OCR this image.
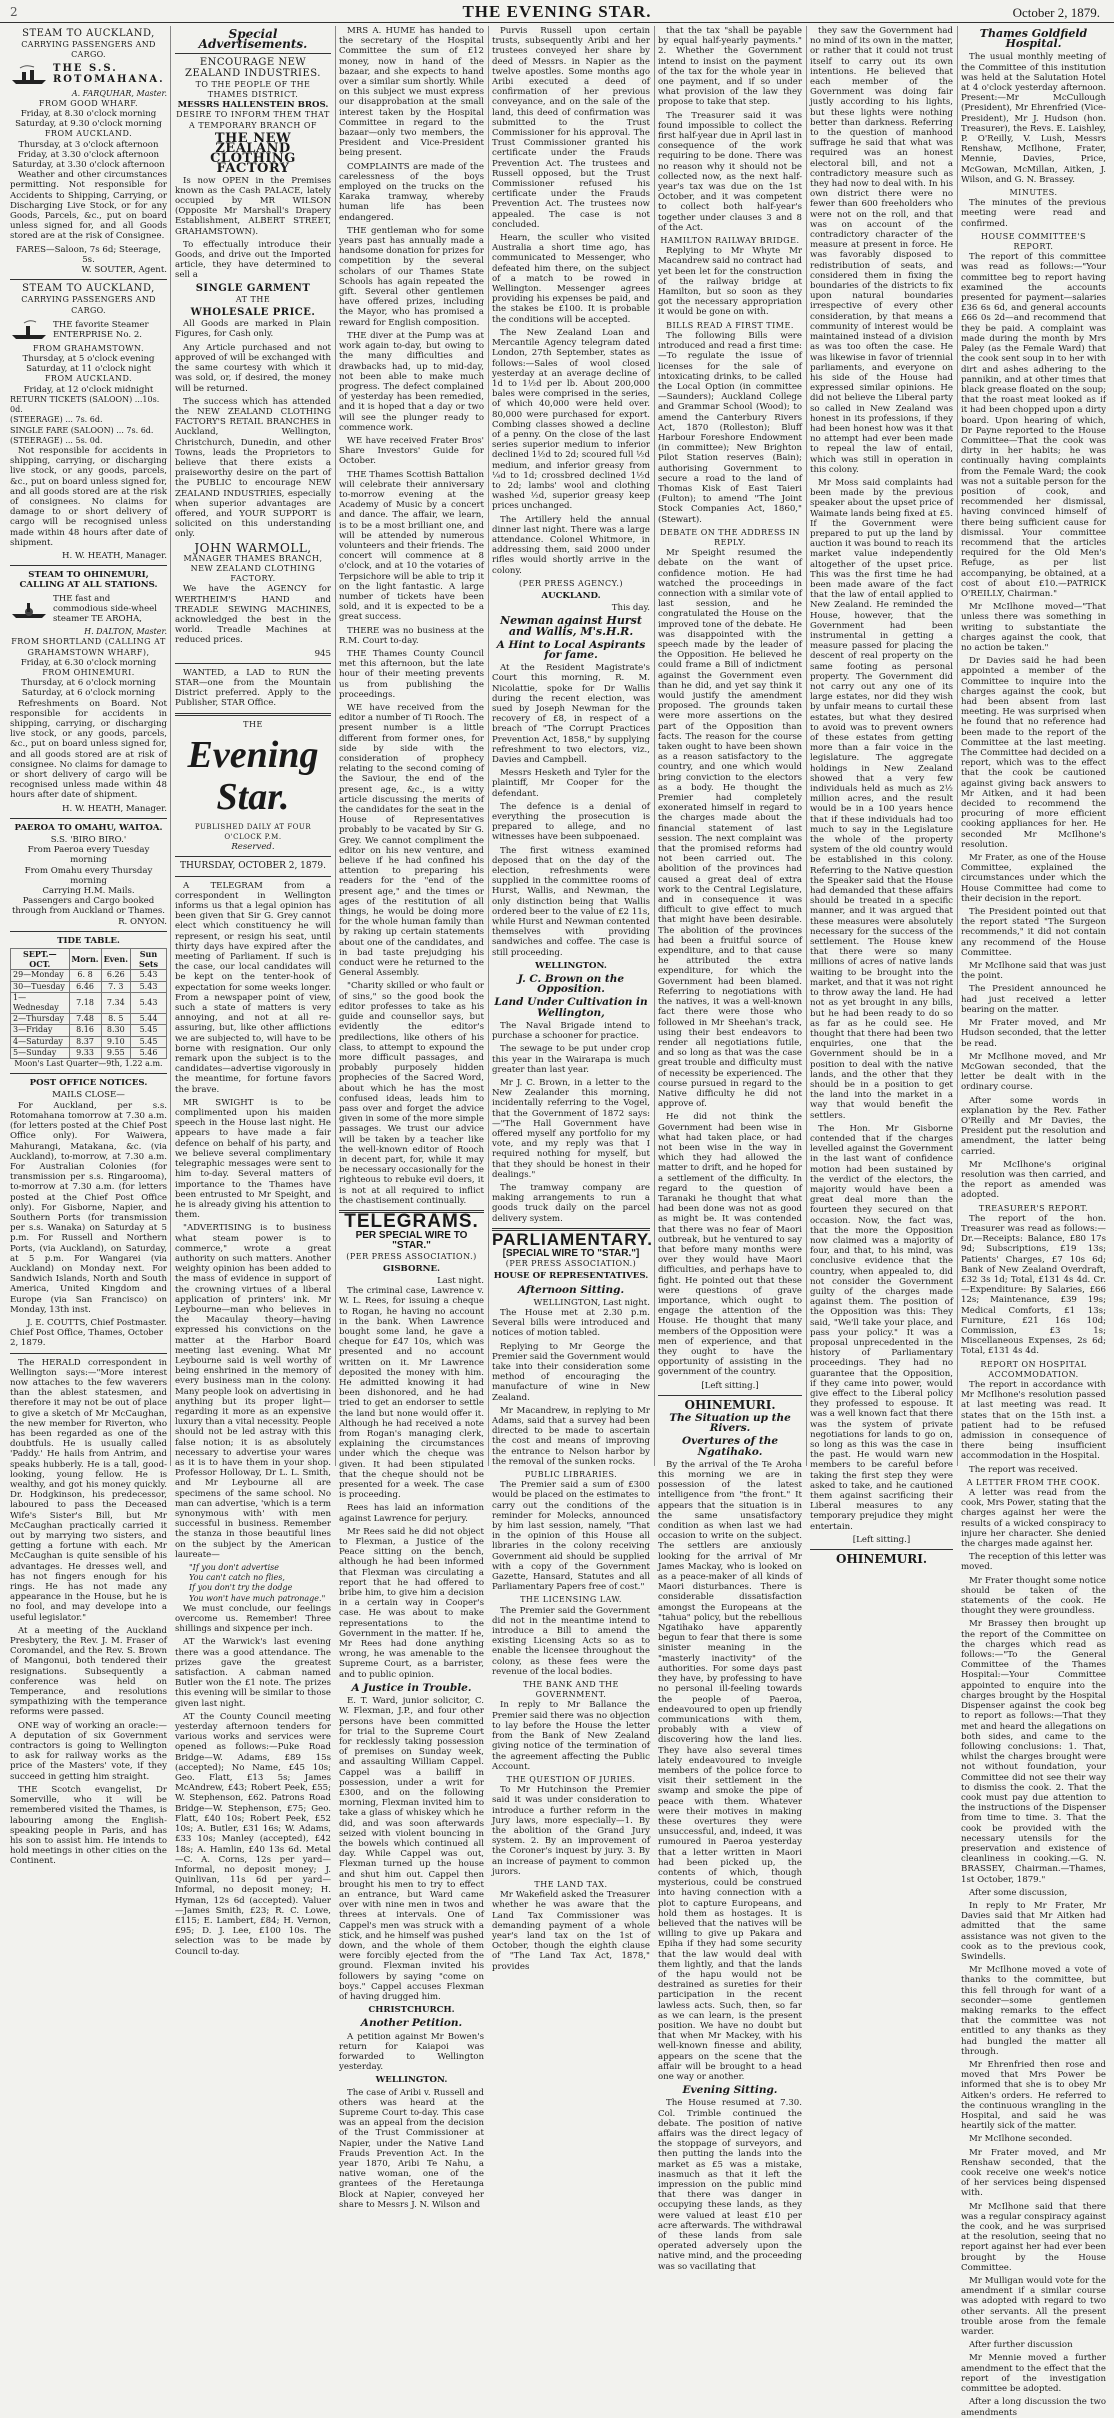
2	THE EVENING STAR.	October 2, 1879.
STEAM TO AUCKLAND,
CARRYING PASSENGERS AND CARGO.
THE S.S. ROTOMAHANA.
A. FARQUHAR, Master.
FROM GOOD WHARF.
Friday, at 8.30 o'clock morning
Saturday, at 9.30 o'clock morning
FROM AUCKLAND.
Thursday, at 3 o'clock afternoon
Friday, at 3.30 o'clock afternoon
Saturday, at 3.30 o'clock afternoon

Weather and other circumstances permitting. Not responsible for Accidents to Shipping, Carrying, or Discharging Live Stock, or for any Goods, Parcels, &c., put on board unless signed for, and all Goods stored are at the risk of Consignee.

FARES—Saloon, 7s 6d; Steerage, 5s.
W. SOUTER, Agent.
STEAM TO AUCKLAND,
CARRYING PASSENGERS AND CARGO.
THE favorite Steamer ENTERPRISE No. 2.
FROM GRAHAMSTOWN.
Thursday, at 5 o'clock evening
Saturday, at 11 o'clock night
FROM AUCKLAND.
Friday, at 12 o'clock midnight
RETURN TICKETS (SALOON) ...10s. 0d.
(STEERAGE) ... 7s. 6d.
SINGLE FARE (SALOON) ... 7s. 6d.
(STEERAGE) ... 5s. 0d.

Not responsible for accidents in shipping, carrying, or discharging live stock, or any goods, parcels, &c., put on board unless signed for, and all goods stored are at the risk of consignees. No claims for damage to or short delivery of cargo will be recognised unless made within 48 hours after date of shipment.

H. W. HEATH, Manager.
STEAM TO OHINEMURI, CALLING AT ALL STATIONS.
THE fast and commodious side-wheel steamer TE AROHA,
H. DALTON, Master.
FROM SHORTLAND (CALLING AT GRAHAMSTOWN WHARF),
Friday, at 6.30 o'clock morning
FROM OHINEMURI.
Thursday, at 6 o'clock morning
Saturday, at 6 o'clock morning

Refreshments on Board. Not responsible for accidents in shipping, carrying, or discharging live stock, or any goods, parcels, &c., put on board unless signed for, and all goods stored are at risk of consignee. No claims for damage to or short delivery of cargo will be recognised unless made within 48 hours after date of shipment.

H. W. HEATH, Manager.
PAEROA TO OMAHU, WAITOA.
S.S. 'BIRO BIRO.'
From Paeroa every Tuesday morning
From Omahu every Thursday morning
Carrying H.M. Mails.
Passengers and Cargo booked through from Auckland or Thames.
R. ONYON.
TIDE TABLE.
SEPT.—OCT.	Morn.	Even.	Sun Sets
29—Monday	6. 8	6.26	5.43
30—Tuesday	6.46	7. 3	5.43
1—Wednesday	7.18	7.34	5.43
2—Thursday	7.48	8. 5	5.44
3—Friday	8.16	8.30	5.45
4—Saturday	8.37	9.10	5.45
5—Sunday	9.33	9.55	5.46
Moon's Last Quarter—9th, 1.22 a.m.
POST OFFICE NOTICES.
MAILS CLOSE—

For Auckland, per s.s. Rotomahana tomorrow at 7.30 a.m. (for letters posted at the Chief Post Office only). For Waiwera, Mahurangi, Matakana, &c. (via Auckland), to-morrow, at 7.30 a.m. For Australian Colonies (for transmission per s.s. Ringarooma), to-morrow at 7.30 a.m. (for letters posted at the Chief Post Office only). For Gisborne, Napier, and Southern Ports (for transmission per s.s. Wanaka) on Saturday at 5 p.m. For Russell and Northern Ports, (via Auckland), on Saturday, at 5 p.m. For Wangarei (via Auckland) on Monday next. For Sandwich Islands, North and South America, United Kingdom and Europe (via San Francisco) on Monday, 13th inst.

J. E. COUTTS, Chief Postmaster.
Chief Post Office, Thames, October 2, 1879.

The HERALD correspondent in Wellington says:—"More interest now attaches to the few waverers than the ablest statesmen, and therefore it may not be out of place to give a sketch of Mr McCaughan, the new member for Riverton, who has been regarded as one of the doubtfuls. He is usually called 'Paddy.' He hails from Antrim, and speaks hubberly. He is a tall, good-looking, young fellow. He is wealthy, and got his money quickly. Dr. Hodgkinson, his predecessor, laboured to pass the Deceased Wife's Sister's Bill, but Mr McCaughan practically carried it out by marrying two sisters, and getting a fortune with each. Mr McCaughan is quite sensible of his advantages. He dresses well, and has not fingers enough for his rings. He has not made any appearance in the House, but he is no fool, and may develope into a useful legislator."

At a meeting of the Auckland Presbytery, the Rev. J. M. Fraser of Coromandel, and the Rev. S. Brown of Mangonui, both tendered their resignations. Subsequently a conference was held on Temperance, and resolutions sympathizing with the temperance reforms were passed.

ONE way of working an oracle:—A deputation of six Government contractors is going to Wellington to ask for railway works as the price of the Masters' vote, if they succeed in getting him straight.

THE Scotch evangelist, Dr Somerville, who it will be remembered visited the Thames, is labouring among the English-speaking people in Paris, and has his son to assist him. He intends to hold meetings in other cities on the Continent.

Special Advertisements.
ENCOURAGE NEW ZEALAND INDUSTRIES.
TO THE PEOPLE OF THE THAMES DISTRICT.
MESSRS HALLENSTEIN BROS.
DESIRE TO INFORM THEM THAT A TEMPORARY BRANCH OF
THE NEW ZEALAND CLOTHING FACTORY

Is now OPEN in the Premises known as the Cash PALACE, lately occupied by MR WILSON (Opposite Mr Marshall's Drapery Establishment, ALBERT STREET, GRAHAMSTOWN).

To effectually introduce their Goods, and drive out the Imported article, they have determined to sell a

SINGLE GARMENT
AT THE
WHOLESALE PRICE.

All Goods are marked in Plain Figures, for Cash only.

Any Article purchased and not approved of will be exchanged with the same courtesy with which it was sold, or, if desired, the money will be returned.

The success which has attended the NEW ZEALAND CLOTHING FACTORY'S RETAIL BRANCHES in Auckland, Wellington, Christchurch, Dunedin, and other Towns, leads the Proprietors to believe that there exists a praiseworthy desire on the part of the PUBLIC to encourage NEW ZEALAND INDUSTRIES, especially when superior advantages are offered, and YOUR SUPPORT is solicited on this understanding only.

JOHN WARMOLL,
MANAGER THAMES BRANCH, NEW ZEALAND CLOTHING FACTORY.

We have the AGENCY for WERTHEIM'S HAND and TREADLE SEWING MACHINES, acknowledged the best in the world. Treadle Machines at reduced prices.

945

WANTED, a LAD to RUN the STAR—one from the Mountain District preferred. Apply to the Publisher, STAR Office.

THE
Evening Star.
PUBLISHED DAILY AT FOUR O'CLOCK P.M.
Reserved.
THURSDAY, OCTOBER 2, 1879.

A TELEGRAM from a correspondent in Wellington informs us that a legal opinion has been given that Sir G. Grey cannot elect which constituency he will represent, or resign his seat, until thirty days have expired after the meeting of Parliament. If such is the case, our local candidates will be kept on the tenter-hook of expectation for some weeks longer. From a newspaper point of view, such a state of matters is very annoying, and not at all re-assuring, but, like other afflictions we are subjected to, will have to be borne with resignation. Our only remark upon the subject is to the candidates—advertise vigorously in the meantime, for fortune favors the brave.

MR SWIGHT is to be complimented upon his maiden speech in the House last night. He appears to have made a fair defence on behalf of his party, and we believe several complimentary telegraphic messages were sent to him to-day. Several matters of importance to the Thames have been entrusted to Mr Speight, and he is already giving his attention to them.

"ADVERTISING is to business what steam power is to commerce," wrote a great authority on such matters. Another weighty opinion has been added to the mass of evidence in support of the crowning virtues of a liberal application of printers' ink. Mr Leybourne—man who believes in the Macaulay theory—having expressed his convictions on the matter at the Harbor Board meeting last evening. What Mr Leybourne said is well worthy of being enshrined in the memory of every business man in the colony. Many people look on advertising in anything but its proper light—regarding it more as an expensive luxury than a vital necessity. People should not be led astray with this false notion; it is as absolutely necessary to advertise your wares as it is to have them in your shop. Professor Holloway, Dr L. L. Smith, and Mr Leybourne all are specimens of the same school. No man can advertise, 'which is a term synonymous with' with men successful in business. Remember the stanza in those beautiful lines on the subject by the American laureate—

"If you don't advertise
You can't catch no flies,
If you don't try the dodge
You won't have much patronage."

We must conclude, our feelings overcome us. Remember! Three shillings and sixpence per inch.

AT the Warwick's last evening there was a good attendance. The prizes gave the greatest satisfaction. A cabman named Butler won the £1 note. The prizes this evening will be similar to those given last night.

AT the County Council meeting yesterday afternoon tenders for various works and services were opened as follows:—Puke Road Bridge—W. Adams, £89 15s (accepted); No Name, £45 10s; Geo. Flatt, £13 5s; James McAndrew, £43; Robert Peek, £55; W. Stephenson, £62. Patrons Road Bridge—W. Stephenson, £75; Geo. Flatt, £40 10s; Robert Peek, £52 10s; A. Butler, £31 16s; W. Adams, £33 10s; Manley (accepted), £42 18s; A. Hamlin, £40 13s 6d. Metal—C. A. Corns, 12s per yard—Informal, no deposit money; J. Quinlivan, 11s 6d per yard—Informal, no deposit money; H. Hyman, 12s 6d (accepted). Valuer—James Smith, £23; R. C. Lowe, £115; E. Lambert, £84; H. Vernon, £95; D. J. Lee, £100 10s. The selection was to be made by Council to-day.

MRS A. HUME has handed to the secretary of the Hospital Committee the sum of £12 money, now in hand of the bazaar, and she expects to hand over a similar sum shortly. While on this subject we must express our disapprobation at the small interest taken by the Hospital Committee in regard to the bazaar—only two members, the President and Vice-President being present.

COMPLAINTS are made of the carelessness of the boys employed on the trucks on the Karaka tramway, whereby human life has been endangered.

THE gentleman who for some years past has annually made a handsome donation for prizes for competition by the several scholars of our Thames State Schools has again repeated the gift. Several other gentlemen have offered prizes, including the Mayor, who has promised a reward for English composition.

THE diver at the Pump was at work again to-day, but owing to the many difficulties and drawbacks had, up to mid-day, not been able to make much progress. The defect complained of yesterday has been remedied, and it is hoped that a day or two will see the plunger ready to commence work.

WE have received Frater Bros' Share Investors' Guide for October.

THE Thames Scottish Battalion will celebrate their anniversary to-morrow evening at the Academy of Music by a concert and dance. The affair, we learn, is to be a most brilliant one, and will be attended by numerous volunteers and their friends. The concert will commence at 8 o'clock, and at 10 the votaries of Terpsichore will be able to trip it on the light fantastic. A large number of tickets have been sold, and it is expected to be a great success.

THERE was no business at the R.M. Court to-day.

THE Thames County Council met this afternoon, but the late hour of their meeting prevents us from publishing the proceedings.

WE have received from the editor a number of Ti Rooch. The present number is a little different from former ones, for side by side with the consideration of prophecy relating to the second coming of the Saviour, the end of the present age, &c., is a witty article discussing the merits of the candidates for the seat in the House of Representatives probably to be vacated by Sir G. Grey. We cannot compliment the editor on his new venture, and believe if he had confined his attention to preparing his readers for the "end of the present age," and the times or ages of the restitution of all things, he would be doing more for the whole human family than by raking up certain statements about one of the candidates, and in bad taste prejudging his conduct were he returned to the General Assembly.

"Charity skilled or who fault or of sins," so the good book the editor professes to take as his guide and counsellor says, but evidently the editor's predilections, like others of his class, to attempt to expound the more difficult passages, and probably purposely hidden prophecies of the Sacred Word, about which he has the most confused ideas, leads him to pass over and forget the advice given in some of the more simple passages. We trust our advice will be taken by a teacher like the well-known editor of Rooch in decent part, for, while it may be necessary occasionally for the righteous to rebuke evil doers, it is not at all required to inflict the chastisement continually.

TELEGRAMS.
PER SPECIAL WIRE TO "STAR."
(PER PRESS ASSOCIATION.)
GISBORNE.
Last night.

The criminal case, Lawrence v. W. L. Rees, for issuing a cheque to Rogan, he having no account in the bank. When Lawrence bought some land, he gave a cheque for £47 10s, which was presented and no account written on it. Mr Lawrence deposited the money with him. He admitted knowing it had been dishonored, and he had tried to get an endorser to settle the land but none would offer it. Although he had received a note from Rogan's managing clerk, explaining the circumstances under which the cheque was given. It had been stipulated that the cheque should not be presented for a week. The case is proceeding.

Rees has laid an information against Lawrence for perjury.

Mr Rees said he did not object to Flexman, a Justice of the Peace sitting on the bench, although he had been informed that Flexman was circulating a report that he had offered to bribe him, to give him a decision in a certain way in Cooper's case. He was about to make representations to the Government in the matter. If he, Mr Rees had done anything wrong, he was amenable to the Supreme Court, as a barrister, and to public opinion.

A Justice in Trouble.

E. T. Ward, junior solicitor, C. W. Flexman, J.P., and four other persons have been committed for trial to the Supreme Court for recklessly taking possession of premises on Sunday week, and assaulting William Cappel. Cappel was a bailiff in possession, under a writ for £300, and on the following morning, Flexman invited him to take a glass of whiskey which he did, and was soon afterwards seized with violent bouncing in the bowels which continued all day. While Cappel was out, Flexman turned up the house and shut him out. Cappel then brought his men to try to effect an entrance, but Ward came over with nine men in twos and threes at intervals. One of Cappel's men was struck with a stick, and he himself was pushed down, and the whole of them were forcibly ejected from the ground. Flexman invited his followers by saying "come on boys." Cappel accuses Flexman of having drugged him.

CHRISTCHURCH.
Another Petition.

A petition against Mr Bowen's return for Kaiapoi was forwarded to Wellington yesterday.

WELLINGTON.

The case of Aribi v. Russell and others was heard at the Supreme Court to-day. This case was an appeal from the decision of the Trust Commissioner at Napier, under the Native Land Frauds Prevention Act. In the year 1870, Aribi Te Nahu, a native woman, one of the grantees of the Heretaunga Block at Napier, conveyed her share to Messrs J. N. Wilson and

Purvis Russell upon certain trusts, subsequently Aribi and her trustees conveyed her share by deed of Messrs. in Napier as the twelve apostles. Some months ago Aribi executed a deed of confirmation of her previous conveyance, and on the sale of the land, this deed of confirmation was submitted to the Trust Commissioner for his approval. The Trust Commissioner granted his certificate under the Frauds Prevention Act. The trustees and Russell opposed, but the Trust Commissioner refused his certificate under the Frauds Prevention Act. The trustees now appealed. The case is not concluded.

Hearn, the sculler who visited Australia a short time ago, has communicated to Messenger, who defeated him there, on the subject of a match to be rowed in Wellington. Messenger agrees providing his expenses be paid, and the stakes be £100. It is probable the conditions will be accepted.

The New Zealand Loan and Mercantile Agency telegram dated London, 27th September, states as follows:—Sales of wool closed yesterday at an average decline of 1d to 1½d per lb. About 200,000 bales were comprised in the series, of which 40,000 were held over. 80,000 were purchased for export. Combing classes showed a decline of a penny. On the close of the last series superior medium to inferior declined 1½d to 2d; scoured full ½d medium, and inferior greasy from ¼d to 1d; crossbred declined 1½d to 2d; lambs' wool and clothing washed ½d, superior greasy keep prices unchanged.

The Artillery held the annual dinner last night. There was a large attendance. Colonel Whitmore, in addressing them, said 2000 under rifles would shortly arrive in the colony.

(PER PRESS AGENCY.)
AUCKLAND.
This day.
Newman against Hurst and Wallis, M's.H.R.
A Hint to Local Aspirants for fame.

At the Resident Magistrate's Court this morning, R. M. Nicolattie, spoke for Dr Wallis during the recent election, was sued by Joseph Newman for the recovery of £8, in respect of a breach of "The Corrupt Practices Prevention Act, 1858," by supplying refreshment to two electors, viz., Davies and Campbell.

Messrs Hesketh and Tyler for the plaintiff, Mr Cooper for the defendant.

The defence is a denial of everything the prosecution is prepared to allege, and no witnesses have been subpoenaed.

The first witness examined deposed that on the day of the election, refreshments were supplied in the committee rooms of Hurst, Wallis, and Newman, the only distinction being that Wallis ordered beer to the value of £2 11s, while Hurst and Newman contented themselves with providing sandwiches and coffee. The case is still proceeding.

WELLINGTON.
J. C. Brown on the Opposition.
Land Under Cultivation in Wellington,

The Naval Brigade intend to purchase a schooner for practice.

The sewage to be put under crop this year in the Wairarapa is much greater than last year.

Mr J. C. Brown, in a letter to the New Zealander this morning, incidentally referring to the Vogel, that the Government of 1872 says:—"The Hall Government have offered myself any portfolio for my vote, and my reply was that I required nothing for myself, but that they should be honest in their dealings."

The tramway company are making arrangements to run a goods truck daily on the parcel delivery system.

PARLIAMENTARY.
[SPECIAL WIRE TO "STAR."]
(PER PRESS ASSOCIATION.)
HOUSE OF REPRESENTATIVES.
Afternoon Sitting.
WELLINGTON, Last night.

The House met at 2.30 p.m. Several bills were introduced and notices of motion tabled.

Replying to Mr George the Premier said the Government would take into their consideration some method of encouraging the manufacture of wine in New Zealand.

Mr Macandrew, in replying to Mr Adams, said that a survey had been directed to be made to ascertain the cost and means of improving the entrance to Nelson harbor by the removal of the sunken rocks.

PUBLIC LIBRARIES.

The Premier said a sum of £300 would be placed on the estimates to carry out the conditions of the reminder for Molecks, announced by him last session, namely, "That in the opinion of this House all libraries in the colony receiving Government aid should be supplied with a copy of the Government Gazette, Hansard, Statutes and all Parliamentary Papers free of cost."

THE LICENSING LAW.

The Premier said the Government did not in the meantime intend to introduce a Bill to amend the existing Licensing Acts so as to enable the licensee throughout the colony, as these fees were the revenue of the local bodies.

THE BANK AND THE GOVERNMENT.

In reply to Mr Ballance the Premier said there was no objection to lay before the House the letter from the Bank of New Zealand giving notice of the termination of the agreement affecting the Public Account.

THE QUESTION OF JURIES.

To Mr Hutchinson the Premier said it was under consideration to introduce a further reform in the Jury laws, more especially—1. By the abolition of the Grand Jury system. 2. By an improvement of the Coroner's inquest by jury. 3. By an increase of payment to common jurors.

THE LAND TAX.

Mr Wakefield asked the Treasurer whether he was aware that the Land Tax Commissioner was demanding payment of a whole year's land tax on the 1st of October, though the eighth clause of "The Land Tax Act, 1878," provides

that the tax "shall be payable by equal half-yearly payments." 2. Whether the Government intend to insist on the payment of the tax for the whole year in one payment, and if so under what provision of the law they propose to take that step.

The Treasurer said it was found impossible to collect the first half-year due in April last in consequence of the work requiring to be done. There was no reason why it should not be collected now, as the next half-year's tax was due on the 1st October, and it was competent to collect both half-year's together under clauses 3 and 8 of the Act.

HAMILTON RAILWAY BRIDGE.

Replying to Mr Whyte Mr Macandrew said no contract had yet been let for the construction of the railway bridge at Hamilton, but so soon as they got the necessary appropriation it would be gone on with.

BILLS READ A FIRST TIME.

The following Bills were introduced and read a first time:—To regulate the issue of licenses for the sale of intoxicating drinks, to be called the Local Option (in committee—Saunders); Auckland College and Grammar School (Wood); to amend the Canterbury Rivers Act, 1870 (Rolleston); Bluff Harbour Foreshore Endowment (in committee); New Brighton Pilot Station reserves (Bain); authorising Government to secure a road to the land of Thomas Kisk of East Taieri (Fulton); to amend "The Joint Stock Companies Act, 1860," (Stewart).

DEBATE ON THE ADDRESS IN REPLY.

Mr Speight resumed the debate on the want of confidence motion. He had watched the proceedings in connection with a similar vote of last session, and he congratulated the House on the improved tone of the debate. He was disappointed with the speech made by the leader of the Opposition. He believed he could frame a Bill of indictment against the Government even than he did, and yet say think it would justify the amendment proposed. The grounds taken were more assertions on the part of the Opposition than facts. The reason for the course taken ought to have been shown as a reason satisfactory to the country, and one which would bring conviction to the electors as a body. He thought the Premier had completely exonerated himself in regard to the charges made about the financial statement of last session. The next complaint was that the promised reforms had not been carried out. The abolition of the provinces had caused a great deal of extra work to the Central Legislature, and in consequence it was difficult to give effect to much that might have been desirable. The abolition of the provinces had been a fruitful source of expenditure, and to that cause he attributed the extra expenditure, for which the Government had been blamed. Referring to negotiations with the natives, it was a well-known fact there were those who followed in Mr Sheehan's track, using their best endeavors to render all negotiations futile, and so long as that was the case great trouble and difficulty must of necessity be experienced. The course pursued in regard to the Native difficulty he did not approve of.

He did not think the Government had been wise in what had taken place, or had not been wise in the way in which they had allowed the matter to drift, and he hoped for a settlement of the difficulty. In regard to the question of Taranaki he thought that what had been done was not as good as might be. It was contended that there was no fear of Maori outbreak, but he ventured to say that before many months were over they would have Maori difficulties, and perhaps have to fight. He pointed out that these were questions of grave importance, which ought to engage the attention of the House. He thought that many members of the Opposition were men of experience, and that they ought to have the opportunity of assisting in the government of the country.

[Left sitting.]
OHINEMURI.
The Situation up the Rivers.
Overtures of the Ngatihako.

By the arrival of the Te Aroha this morning we are in possession of the latest intelligence from "the front." It appears that the situation is in the same unsatisfactory condition as when last we had occasion to write on the subject. The settlers are anxiously looking for the arrival of Mr James Mackay, who is looked on as a peace-maker of all kinds of Maori disturbances. There is considerable dissatisfaction amongst the Europeans at the "tahua" policy, but the rebellious Ngatihako have apparently begun to fear that there is some sinister meaning in the "masterly inactivity" of the authorities. For some days past they have, by professing to have no personal ill-feeling towards the people of Paeroa, endeavoured to open up friendly communications with them, probably with a view of discovering how the land lies. They have also several times lately endeavoured to inveigle members of the police force to visit their settlement in the swamp and smoke the pipe of peace with them. Whatever were their motives in making these overtures they were unsuccessful, and, indeed, it was rumoured in Paeroa yesterday that a letter written in Maori had been picked up, the contents of which, though mysterious, could be construed into having connection with a plot to capture Europeans, and hold them as hostages. It is believed that the natives will be willing to give up Pakara and Epiha if they had some security that the law would deal with them lightly, and that the lands of the hapu would not be destrained as sureties for their participation in the recent lawless acts. Such, then, so far as we can learn, is the present position. We have no doubt but that when Mr Mackey, with his well-known finesse and ability, appears on the scene that the affair will be brought to a head one way or another.

Evening Sitting.

The House resumed at 7.30. Col. Trimble continued the debate. The position of native affairs was the direct legacy of the stoppage of surveyors, and then putting the lands into the market as £5 was a mistake, inasmuch as that it left the impression on the public mind that there was danger in occupying these lands, as they were valued at least £10 per acre afterwards. The withdrawal of these lands from sale operated adversely upon the native mind, and the proceeding was so vacillating that

they saw the Government had no mind of its own in the matter, or rather that it could not trust itself to carry out its own intentions. He believed that each member of the Government was doing fair justly according to his lights, but these lights were nothing better than darkness. Referring to the question of manhood suffrage he said that what was required was an honest electoral bill, and not a contradictory measure such as they had now to deal with. In his own district there were no fewer than 600 freeholders who were not on the roll, and that was on account of the contradictory character of the measure at present in force. He was favorably disposed to redistribution of seats, and considered them in fixing the boundaries of the districts to fix upon natural boundaries irrespective of every other consideration, by that means a community of interest would be maintained instead of a division as was too often the case. He was likewise in favor of triennial parliaments, and everyone on his side of the House had expressed similar opinions. He did not believe the Liberal party so called in New Zealand was honest in its professions, if they had been honest how was it that no attempt had ever been made to repeal the law of entail, which was still in operation in this colony.

Mr Moss said complaints had been made by the previous speaker about the upset price of Waimate lands being fixed at £5. If the Government were prepared to put up the land by auction it was bound to reach its market value independently altogether of the upset price. This was the first time he had been made aware of the fact that the law of entail applied to New Zealand. He reminded the House, however, that the Government had been instrumental in getting a measure passed for placing the descent of real property on the same footing as personal property. The Government did not carry out any one of its large estates, nor did they wish by unfair means to curtail these estates, but what they desired to avoid was to prevent owners of these estates from getting more than a fair voice in the legislature. The aggregate holdings in New Zealand showed that a very few individuals held as much as 2½ million acres, and the result would be in a 100 years hence that if these individuals had too much to say in the Legislature the whole of the property system of the old country would be established in this colony. Referring to the Native question the Speaker said that the House had demanded that these affairs should be treated in a specific manner, and it was argued that these measures were absolutely necessary for the success of the settlement. The House knew that there were so many millions of acres of native lands waiting to be brought into the market, and that it was not right to throw away the land. He had not as yet brought in any bills, but he had been ready to do so as far as he could see. He thought that there had been two enquiries, one that the Government should be in a position to deal with the native lands, and the other that they should be in a position to get the land into the market in a way that would benefit the settlers.

The Hon. Mr Gisborne contended that if the charges levelled against the Government in the last want of confidence motion had been sustained by the verdict of the electors, the majority would have been a great deal more than the fourteen they secured on that occasion. Now, the fact was, that the more the Opposition now claimed was a majority of four, and that, to his mind, was conclusive evidence that the country, when appealed to, did not consider the Government guilty of the charges made against them. The position of the Opposition was this: They said, "We'll take your place, and pass your policy." It was a proposal unprecedented in the history of Parliamentary proceedings. They had no guarantee that the Opposition, if they came into power, would give effect to the Liberal policy they professed to espouse. It was a well known fact that there was the system of private negotiations for lands to go on, so long as this was the case in the past. He would warn new members to be careful before taking the first step they were asked to take, and he cautioned them against sacrificing their Liberal measures to any temporary prejudice they might entertain.

[Left sitting.]
OHINEMURI.
Thames Goldfield Hospital.

The usual monthly meeting of the Committee of this institution was held at the Salutation Hotel at 4 o'clock yesterday afternoon. Present:—Mr McCullough (President), Mr Ehrenfried (Vice-President), Mr J. Hudson (hon. Treasurer), the Revs. E. Laishley, P. O'Reilly, V. Lush, Messrs Renshaw, McIlhone, Frater, Mennie, Davies, Price, McGowan, McMillan, Aitken, J. Wilson, and G. N. Brassey.

MINUTES.

The minutes of the previous meeting were read and confirmed.

HOUSE COMMITTEE'S REPORT.

The report of this committee was read as follows:—"Your committee beg to report having examined the accounts presented for payment—salaries £36 6s 6d, and general accounts £66 0s 2d—and recommend that they be paid. A complaint was made during the month by Mrs Paley (as the Female Ward) that the cook sent soup in to her with dirt and ashes adhering to the pannikin, and at other times that black grease floated on the soup; that the roast meat looked as if it had been chopped upon a dirty board. Upon hearing of which, Dr Payne reported to the House Committee—That the cook was dirty in her habits; he was continually having complaints from the Female Ward; the cook was not a suitable person for the position of cook, and recommended her dismissal, having convinced himself of there being sufficient cause for dismissal. Your committee recommend that the articles required for the Old Men's Refuge, as per list accompanying, be obtained, at a cost of about £10.—PATRICK O'REILLY, Chairman."

Mr McIlhone moved—"That unless there was something in writing to substantiate the charges against the cook, that no action be taken."

Dr Davies said he had been appointed a member of the Committee to inquire into the charges against the cook, but had been absent from last meeting. He was surprised when he found that no reference had been made to the report of the Committee at the last meeting. The Committee had decided on a report, which was to the effect that the cook be cautioned against giving back answers to Mr Aitken, and it had been decided to recommend the procuring of more efficient cooking appliances for her. He seconded Mr McIlhone's resolution.

Mr Frater, as one of the House Committee, explained the circumstances under which the House Committee had come to their decision in the report.

The President pointed out that the report stated "The Surgeon recommends," it did not contain any recommend of the House Committee.

Mr McIlhone said that was just the point.

The President announced he had just received a letter bearing on the matter.

Mr Frater moved, and Mr Hudson seconded, that the letter be read.

Mr McIlhone moved, and Mr McGowan seconded, that the letter be dealt with in the ordinary course.

After some words in explanation by the Rev. Father O'Reilly and Mr Davies, the President put the resolution and amendment, the latter being carried.

Mr McIlhone's original resolution was then carried, and the report as amended was adopted.

TREASURER'S REPORT.

The report of the hon. Treasurer was read as follows:—Dr.—Receipts: Balance, £80 17s 9d; Subscriptions, £19 13s; Patients' Charges, £7 10s 6d; Bank of New Zealand Overdraft, £32 3s 1d; Total, £131 4s 4d. Cr.—Expenditure: By Salaries, £66 12s; Maintenance, £39 19s; Medical Comforts, £1 13s; Furniture, £21 16s 10d; Commission, £3 1s; Miscellaneous Expenses, 2s 6d; Total, £131 4s 4d.

REPORT ON HOSPITAL ACCOMMODATION.

The report in accordance with Mr McIlhone's resolution passed at last meeting was read. It states that on the 15th inst. a patient had to be refused admission in consequence of there being insufficient accommodation in the Hospital.

The report was received.

A LETTER FROM THE COOK.

A letter was read from the cook, Mrs Power, stating that the charges against her were the results of a wicked conspiracy to injure her character. She denied the charges made against her.

The reception of this letter was moved.

Mr Frater thought some notice should be taken of the statements of the cook. He thought they were groundless.

Mr Brassey then brought up the report of the Committee on the charges which read as follows:—"To the General Committee of the Thames Hospital:—Your Committee appointed to enquire into the charges brought by the Hospital Dispenser against the cook beg to report as follows:—That they met and heard the allegations on both sides, and came to the following conclusions: 1. That, whilst the charges brought were not without foundation, your Committee did not see their way to dismiss the cook. 2. That the cook must pay due attention to the instructions of the Dispenser from time to time. 3. That the cook be provided with the necessary utensils for the preservation and existence of cleanliness in cooking.—G. N. BRASSEY, Chairman.—Thames, 1st October, 1879."

After some discussion,

In reply to Mr Frater, Mr Davies said that Mr Aitken had admitted that the same assistance was not given to the cook as to the previous cook, Swindells.

Mr McIlhone moved a vote of thanks to the committee, but this fell through for want of a seconder—some gentlemen making remarks to the effect that the committee was not entitled to any thanks as they had bungled the matter all through.

Mr Ehrenfried then rose and moved that Mrs Power be informed that she is to obey Mr Aitken's orders. He referred to the continuous wrangling in the Hospital, and said he was heartily sick of the matter.

Mr McIlhone seconded.

Mr Frater moved, and Mr Renshaw seconded, that the cook receive one week's notice of her services being dispensed with.

Mr McIlhone said that there was a regular conspiracy against the cook, and he was surprised at the resolution, seeing that no report against her had ever been brought by the House Committee.

Mr Mulligan would vote for the amendment if a similar course was adopted with regard to two other servants. All the present trouble arose from the female warder.

After further discussion

Mr Mennie moved a further amendment to the effect that the report of the investigation committee be adopted.

After a long discussion the two amendments
